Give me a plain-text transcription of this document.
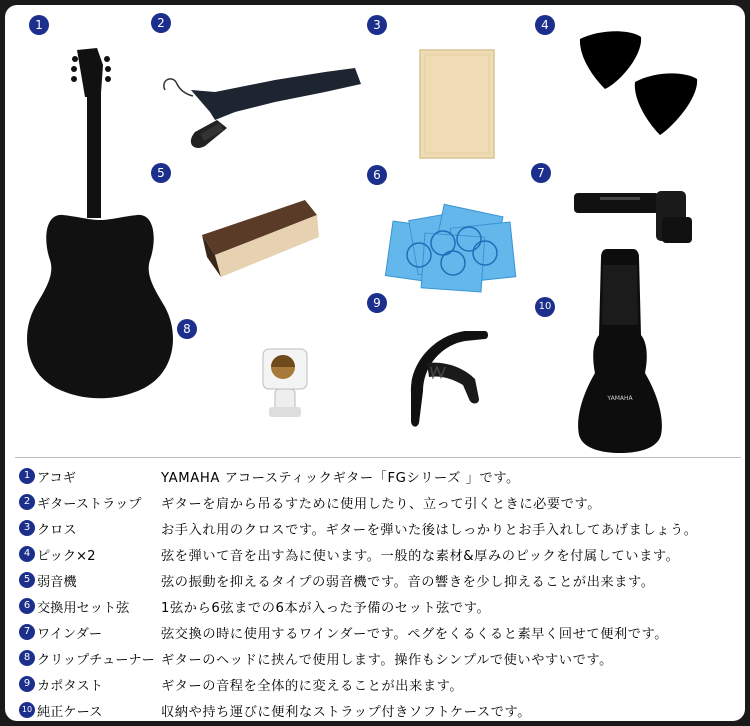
1	2	3	4
5	6	7
8
9	10
YAMAHA
1 アコギ	YAMAHA アコースティックギター「FGシリーズ 」です。
2 ギターストラップ ギターを肩から吊るすために使用したり、立って引くときに必要です。
3 クロス	お手入れ用のクロスです。ギターを弾いた後はしっかりとお手入れしてあげましょう。
4 ピック×2	弦を弾いて音を出す為に使います。一般的な素材&厚みのピックを付属しています。
5 弱音機	弦の振動を抑えるタイプの弱音機です。音の響きを少し抑えることが出来ます。
6 交換用セット弦 1弦から6弦までの6本が入った予備のセット弦です。
7 ワインダー	弦交換の時に使用するワインダーです。ペグをくるくると素早く回せて便利です。
8 クリップチューナー ギターのヘッドに挟んで使用します。操作もシンプルで使いやすいです。
9 カポタスト	ギターの音程を全体的に変えることが出来ます。
10 純正ケース	収納や持ち運びに便利なストラップ付きソフトケースです。
